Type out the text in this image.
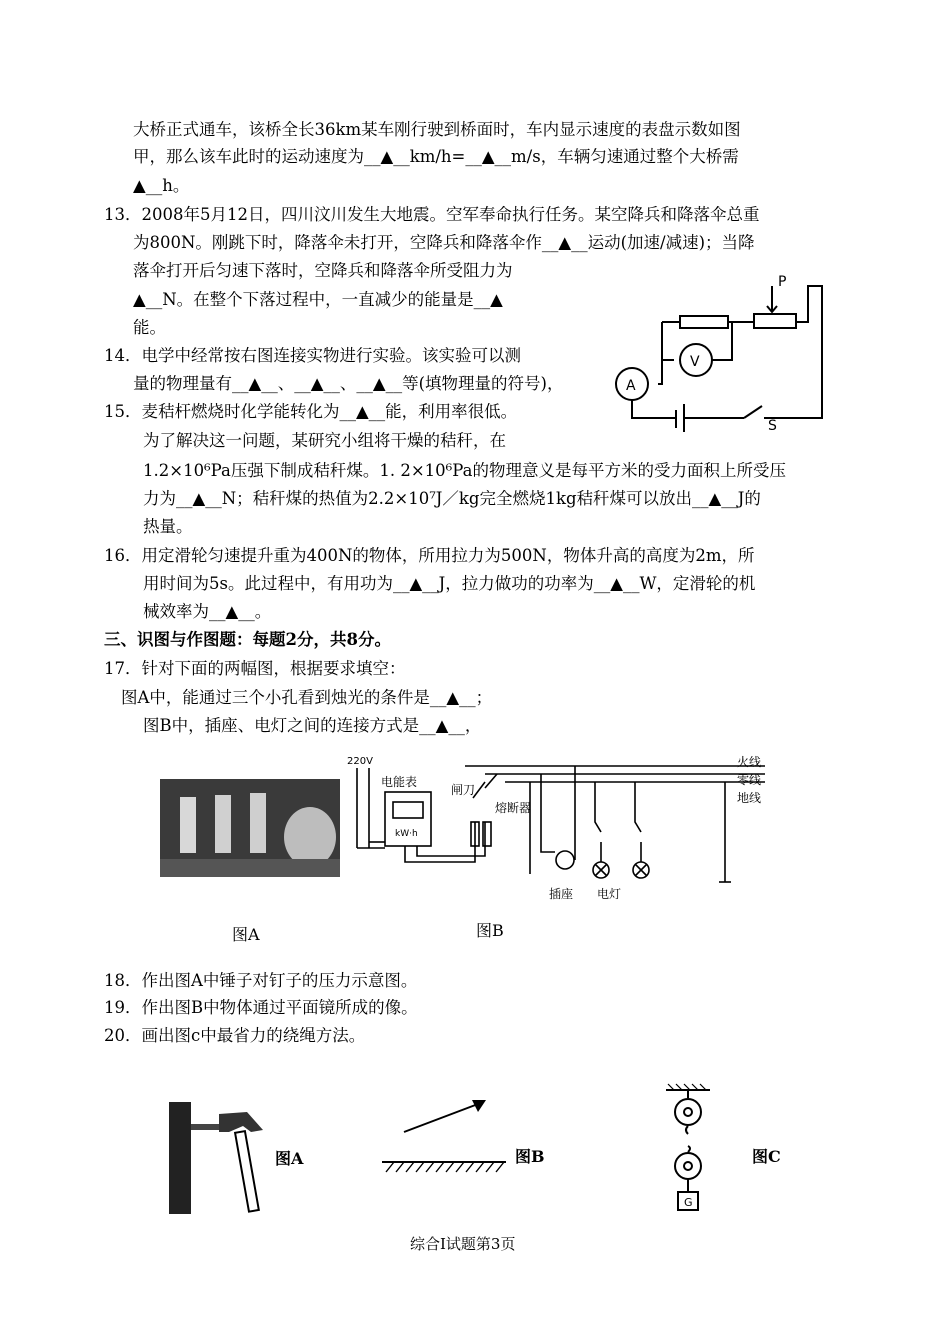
大桥正式通车，该桥全长36km某车刚行驶到桥面时，车内显示速度的表盘示数如图
甲，那么该车此时的运动速度为__▲__km/h=__▲__m/s，车辆匀速通过整个大桥需
▲__h。
13．2008年5月12日，四川汶川发生大地震。空军奉命执行任务。某空降兵和降落伞总重
为800N。刚跳下时，降落伞未打开，空降兵和降落伞作__▲__运动(加速/减速)；当降
落伞打开后匀速下落时，空降兵和降落伞所受阻力为
▲__N。在整个下落过程中，一直减少的能量是__▲
能。
14．电学中经常按右图连接实物进行实验。该实验可以测
量的物理量有__▲__、__▲__、__▲__等(填物理量的符号)，
15．麦秸杆燃烧时化学能转化为__▲__能，利用率很低。
为了解决这一问题，某研究小组将干燥的秸秆，在
1.2×10⁶Pa压强下制成秸秆煤。1. 2×10⁶Pa的物理意义是每平方米的受力面积上所受压
力为__▲__N；秸秆煤的热值为2.2×10⁷J／kg完全燃烧1kg秸秆煤可以放出__▲__J的
热量。
16．用定滑轮匀速提升重为400N的物体，所用拉力为500N，物体升高的高度为2m，所
用时间为5s。此过程中，有用功为__▲__J，拉力做功的功率为__▲__W，定滑轮的机
械效率为__▲__。
三、识图与作图题：每题2分，共8分。
17．针对下面的两幅图，根据要求填空：
图A中，能通过三个小孔看到烛光的条件是__▲__；
图B中，插座、电灯之间的连接方式是__▲__，
18．作出图A中锤子对钉子的压力示意图。
19．作出图B中物体通过平面镜所成的像。
20．画出图c中最省力的绕绳方法。
P
V
A
S
220V
电能表
kW·h
闸刀
熔断器
火线
零线
地线
插座 电灯
图A	图B
图A	图B
G
图C
综合Ⅰ试题第3页
